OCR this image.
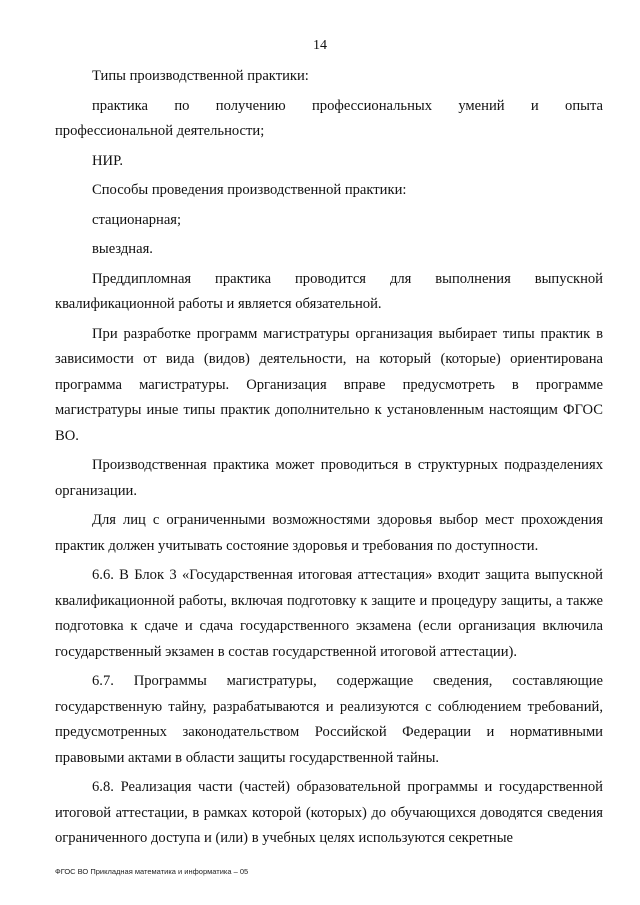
14

Типы производственной практики:

практика по получению профессиональных умений и опыта

профессиональной деятельности;

НИР.

Способы проведения производственной практики:

стационарная;

выездная.

Преддипломная практика проводится для выполнения выпускной квалификационной работы и является обязательной.

При разработке программ магистратуры организация выбирает типы практик в зависимости от вида (видов) деятельности, на который (которые) ориентирована программа магистратуры. Организация вправе предусмотреть в программе магистратуры иные типы практик дополнительно к установленным настоящим ФГОС ВО.

Производственная практика может проводиться в структурных подразделениях организации.

Для лиц с ограниченными возможностями здоровья выбор мест прохождения практик должен учитывать состояние здоровья и требования по доступности.

6.6. В Блок 3 «Государственная итоговая аттестация» входит защита выпускной квалификационной работы, включая подготовку к защите и процедуру защиты, а также подготовка к сдаче и сдача государственного экзамена (если организация включила государственный экзамен в состав государственной итоговой аттестации).

6.7. Программы магистратуры, содержащие сведения, составляющие государственную тайну, разрабатываются и реализуются с соблюдением требований, предусмотренных законодательством Российской Федерации и нормативными правовыми актами в области защиты государственной тайны.

6.8. Реализация части (частей) образовательной программы и государственной итоговой аттестации, в рамках которой (которых) до обучающихся доводятся сведения ограниченного доступа и (или) в учебных целях используются секретные

ФГОС ВО Прикладная математика и информатика – 05
